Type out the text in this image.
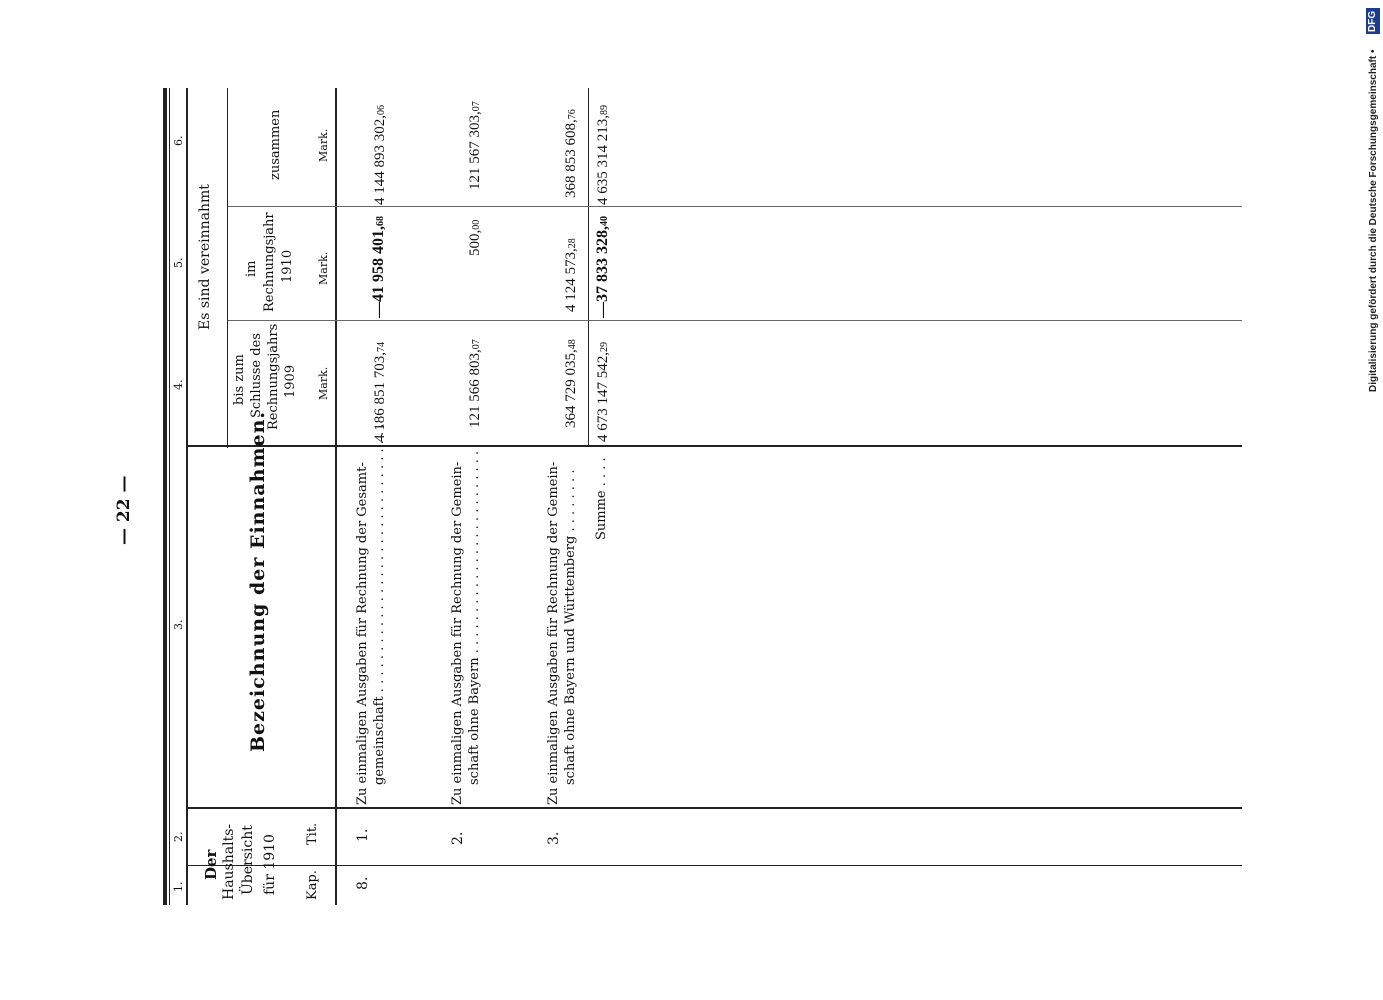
— 22 —
1.
2.
3.
4.
5.
6.
Der Haushalts- Übersicht für 1910 Kap.
Tit.
Bezeichnung der Einnahmen.
Es sind vereinnahmt
bis zum Schlusse des Rechnungsjahrs 1909 Mark.
im Rechnungsjahr 1910 Mark.
zusammen	Mark.
8.
1.
Zu einmaligen Ausgaben für Rechnung der Gesamt- gemeinschaft . . . . . . . . . . . . . . . . . . . . . . . . . . . . . . . . .
4 186 851 703,74
—41 958 401,68
4 144 893 302,06
2.
Zu einmaligen Ausgaben für Rechnung der Gemein- schaft ohne Bayern . . . . . . . . . . . . . . . . . . . . . . . . .
121 566 803,07
500,00
121 567 303,07
3.
Zu einmaligen Ausgaben für Rechnung der Gemein- schaft ohne Bayern und Württemberg . . . . . . . .
364 729 035,48
4 124 573,28
368 853 608,76
Summe . . . .
4 673 147 542,29
—37 833 328,40
4 635 314 213,89
DFG
Digitalisierung gefördert durch die Deutsche Forschungsgemeinschaft •
